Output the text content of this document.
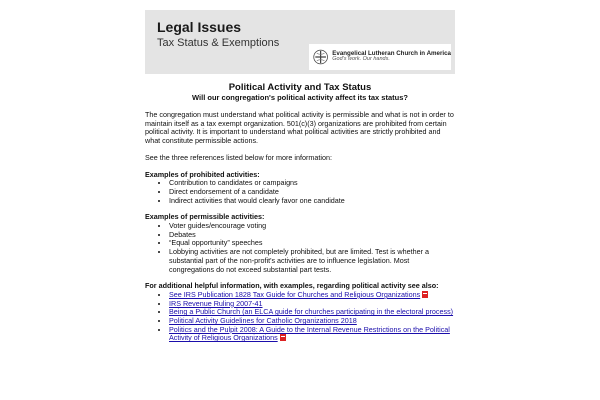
Legal Issues
Tax Status & Exemptions
Evangelical Lutheran Church in America
God's work. Our hands.
Political Activity and Tax Status
Will our congregation's political activity affect its tax status?

The congregation must understand what political activity is permissible and what is not in order to maintain itself as a tax exempt organization. 501(c)(3) organizations are prohibited from certain political activity. It is important to understand what political activities are strictly prohibited and what constitute permissible actions.

See the three references listed below for more information:

Examples of prohibited activities:
• Contribution to candidates or campaigns
• Direct endorsement of a candidate
• Indirect activities that would clearly favor one candidate
Examples of permissible activities:
• Voter guides/encourage voting
• Debates
• “Equal opportunity” speeches
• Lobbying activities are not completely prohibited, but are limited. Test is whether a substantial part of the non-profit's activities are to influence legislation. Most congregations do not exceed substantial part tests.
For additional helpful information, with examples, regarding political activity see also:
• See IRS Publication 1828 Tax Guide for Churches and Religious Organizations
• IRS Revenue Ruling 2007-41
• Being a Public Church (an ELCA guide for churches participating in the electoral process)
• Political Activity Guidelines for Catholic Organizations 2018
• Politics and the Pulpit 2008: A Guide to the Internal Revenue Restrictions on the Political Activity of Religious Organizations
